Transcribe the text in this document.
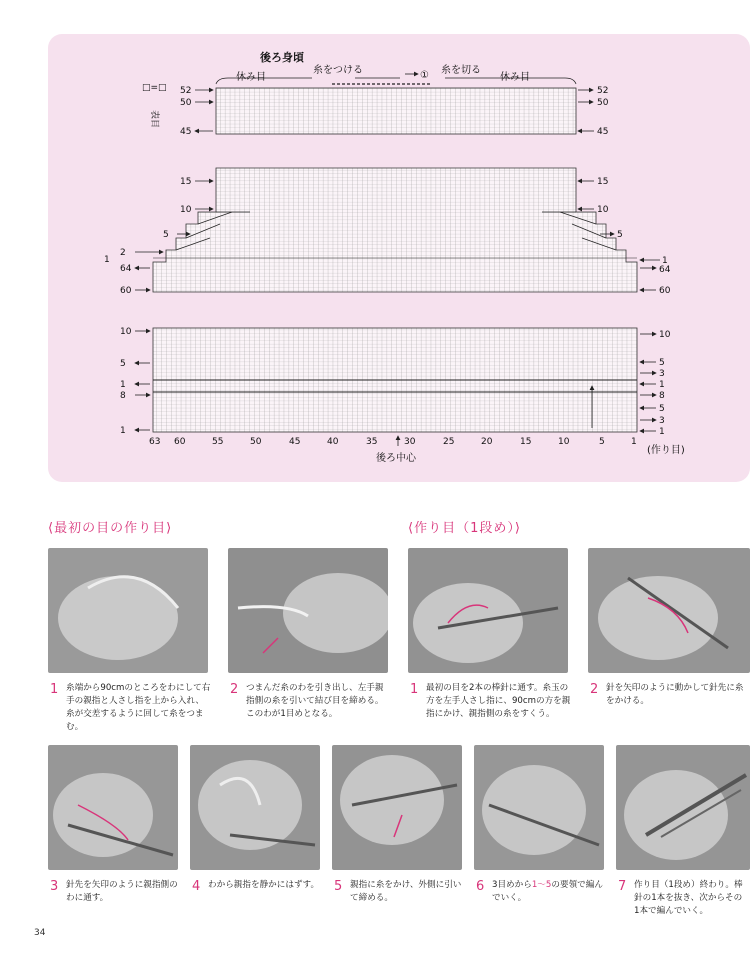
後ろ身頃
休み目
糸をつける	① 糸を切る
休み目
□=□
表目
52
50
45
15
10
5
2
1
64
60
10
5
1
8
1
52
50
45
15
10
5
1
64
60
10
5
3
1
8
5
3
1
63 60	55	50	45	40	35	30	25	20	15	10	5	1
後ろ中心
(作り目)
⟨最初の目の作り目⟩	⟨作り目（1段め）⟩
1 糸端から90cmのところをわにして右手の親指と人さし指を上から入れ、糸が交差するように回して糸をつまむ。
2 つまんだ糸のわを引き出し、左手親指側の糸を引いて結び目を締める。このわが1目めとなる。
1 最初の目を2本の棒針に通す。糸玉の方を左手人さし指に、90cmの方を親指にかけ、親指側の糸をすくう。
2 針を矢印のように動かして針先に糸をかける。
3 針先を矢印のように親指側のわに通す。
4 わから親指を静かにはずす。	5 親指に糸をかけ、外側に引いて締める。
6 3目めから1〜5の要領で編んでいく。
7 作り目（1段め）終わり。棒針の1本を抜き、次からその1本で編んでいく。
34
